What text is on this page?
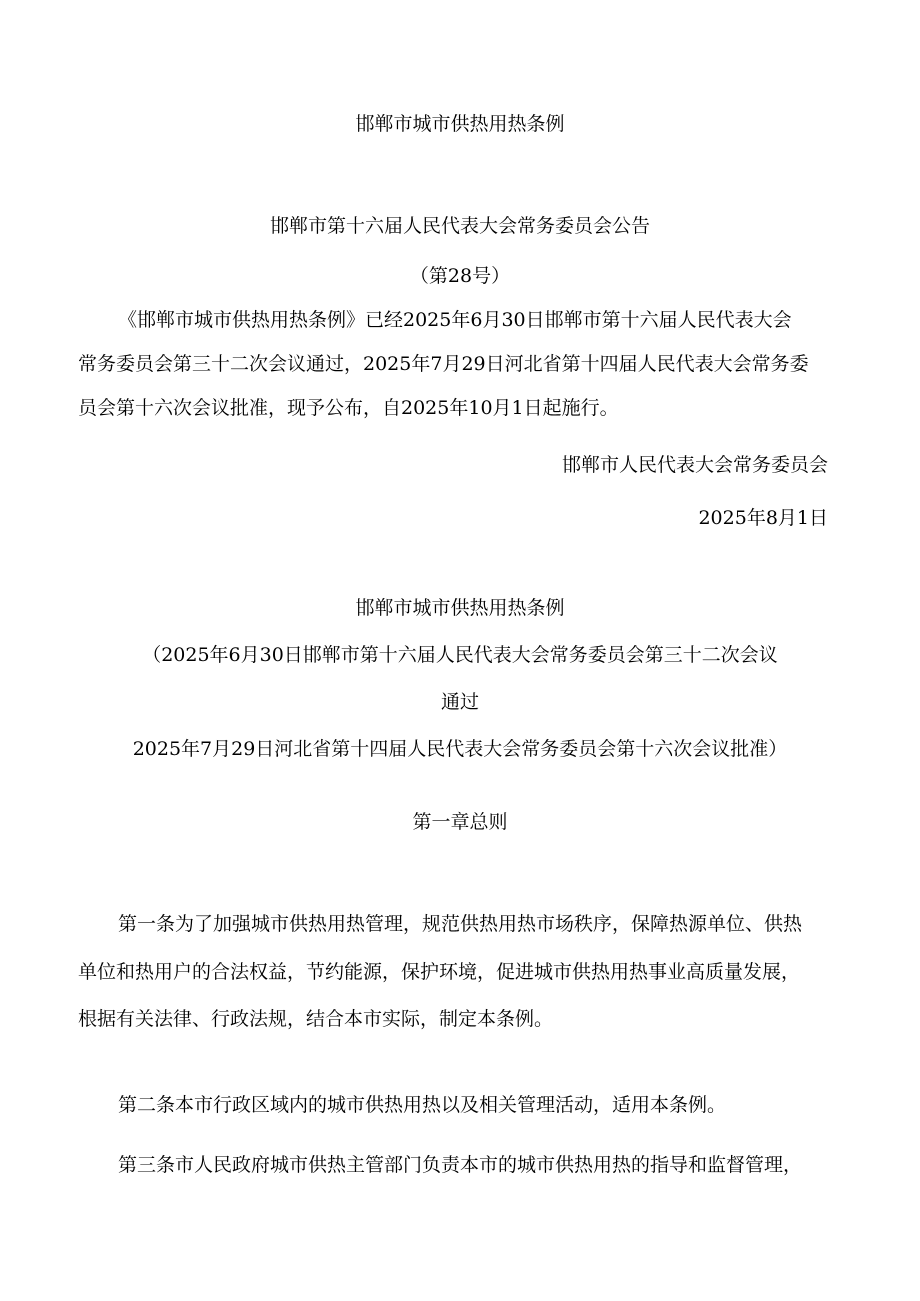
邯郸市城市供热用热条例

邯郸市第十六届人民代表大会常务委员会公告

（第28号）

《邯郸市城市供热用热条例》已经2025年6月30日邯郸市第十六届人民代表大会

常务委员会第三十二次会议通过，2025年7月29日河北省第十四届人民代表大会常务委

员会第十六次会议批准，现予公布，自2025年10月1日起施行。

邯郸市人民代表大会常务委员会

2025年8月1日

邯郸市城市供热用热条例

（2025年6月30日邯郸市第十六届人民代表大会常务委员会第三十二次会议

通过

2025年7月29日河北省第十四届人民代表大会常务委员会第十六次会议批准）

第一章总则

第一条为了加强城市供热用热管理，规范供热用热市场秩序，保障热源单位、供热

单位和热用户的合法权益，节约能源，保护环境，促进城市供热用热事业高质量发展，

根据有关法律、行政法规，结合本市实际，制定本条例。

第二条本市行政区域内的城市供热用热以及相关管理活动，适用本条例。

第三条市人民政府城市供热主管部门负责本市的城市供热用热的指导和监督管理，
